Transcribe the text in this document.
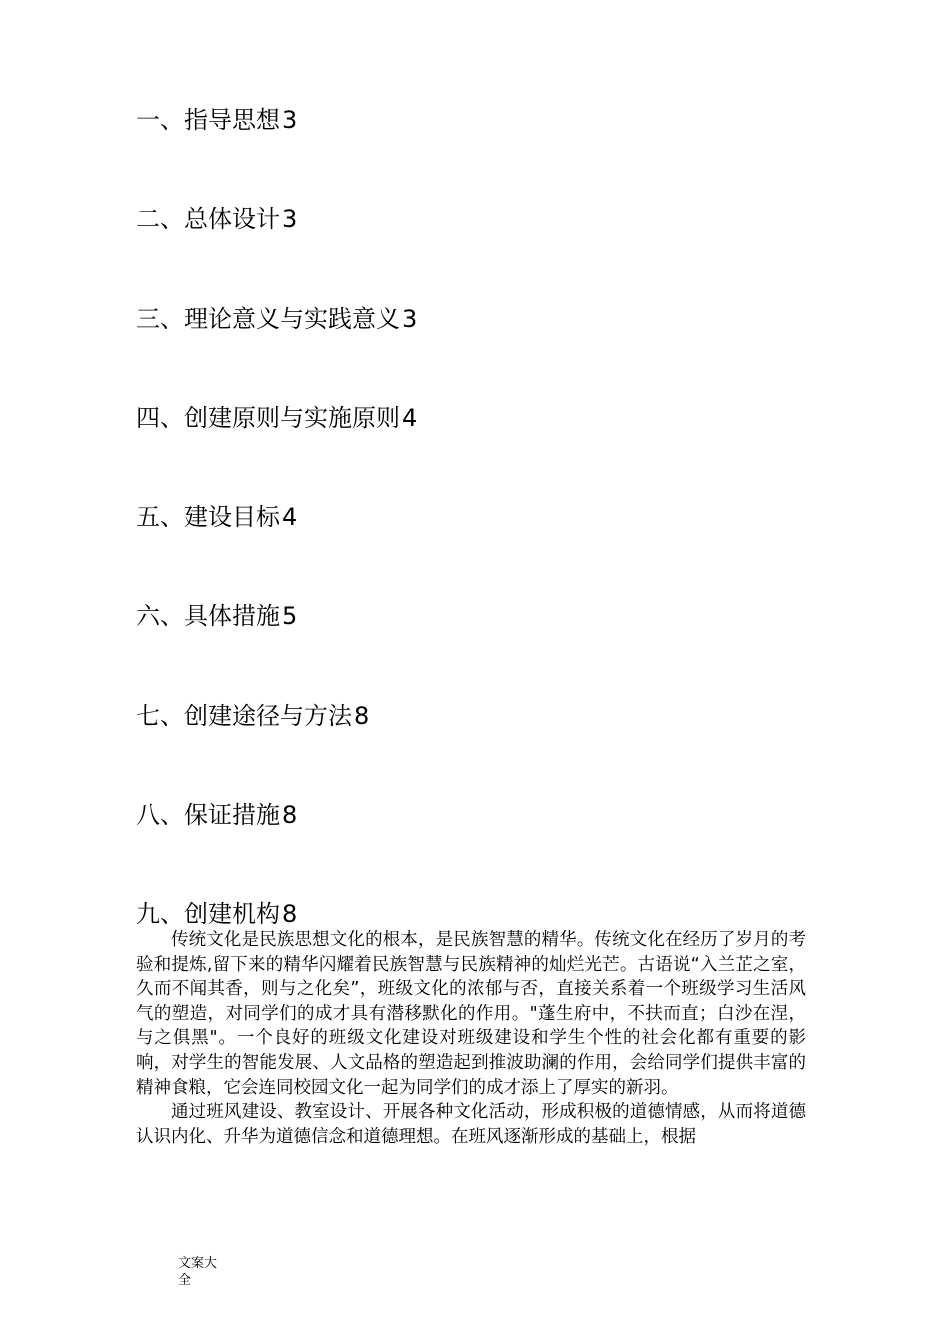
一、指导思想3
二、总体设计3
三、理论意义与实践意义3
四、创建原则与实施原则4
五、建设目标4
六、具体措施5
七、创建途径与方法8
八、保证措施8
九、创建机构8

传统文化是民族思想文化的根本，是民族智慧的精华。传统文化在经历了岁月的考验和提炼,留下来的精华闪耀着民族智慧与民族精神的灿烂光芒。古语说“入兰芷之室，久而不闻其香，则与之化矣”，班级文化的浓郁与否，直接关系着一个班级学习生活风气的塑造，对同学们的成才具有潜移默化的作用。"蓬生府中，不扶而直；白沙在涅，与之俱黑"。一个良好的班级文化建设对班级建设和学生个性的社会化都有重要的影响，对学生的智能发展、人文品格的塑造起到推波助澜的作用，会给同学们提供丰富的精神食粮，它会连同校园文化一起为同学们的成才添上了厚实的新羽。

通过班风建设、教室设计、开展各种文化活动，形成积极的道德情感，从而将道德认识内化、升华为道德信念和道德理想。在班风逐渐形成的基础上，根据

文案大全
